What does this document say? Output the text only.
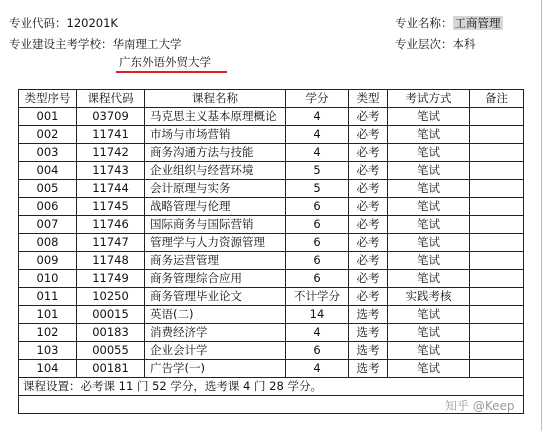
专业代码：120201K
专业建设主考学校：华南理工大学
广东外语外贸大学
专业名称： 工商管理
专业层次：本科
类型序号	课程代码	课程名称	学分	类型	考试方式	备注
001	03709	马克思主义基本原理概论	4	必考	笔试	
002	11741	市场与市场营销	4	必考	笔试	
003	11742	商务沟通方法与技能	4	必考	笔试	
004	11743	企业组织与经营环境	5	必考	笔试	
005	11744	会计原理与实务	5	必考	笔试	
006	11745	战略管理与伦理	6	必考	笔试	
007	11746	国际商务与国际营销	6	必考	笔试	
008	11747	管理学与人力资源管理	6	必考	笔试	
009	11748	商务运营管理	6	必考	笔试	
010	11749	商务管理综合应用	6	必考	笔试	
011	10250	商务管理毕业论文	不计学分	必考	实践考核	
101	00015	英语(二)	14	选考	笔试	
102	00183	消费经济学	4	选考	笔试	
103	00055	企业会计学	6	选考	笔试	
104	00181	广告学(一)	4	选考	笔试	
课程设置：必考课 11 门 52 学分，选考课 4 门 28 学分。						

知乎 @Keep
